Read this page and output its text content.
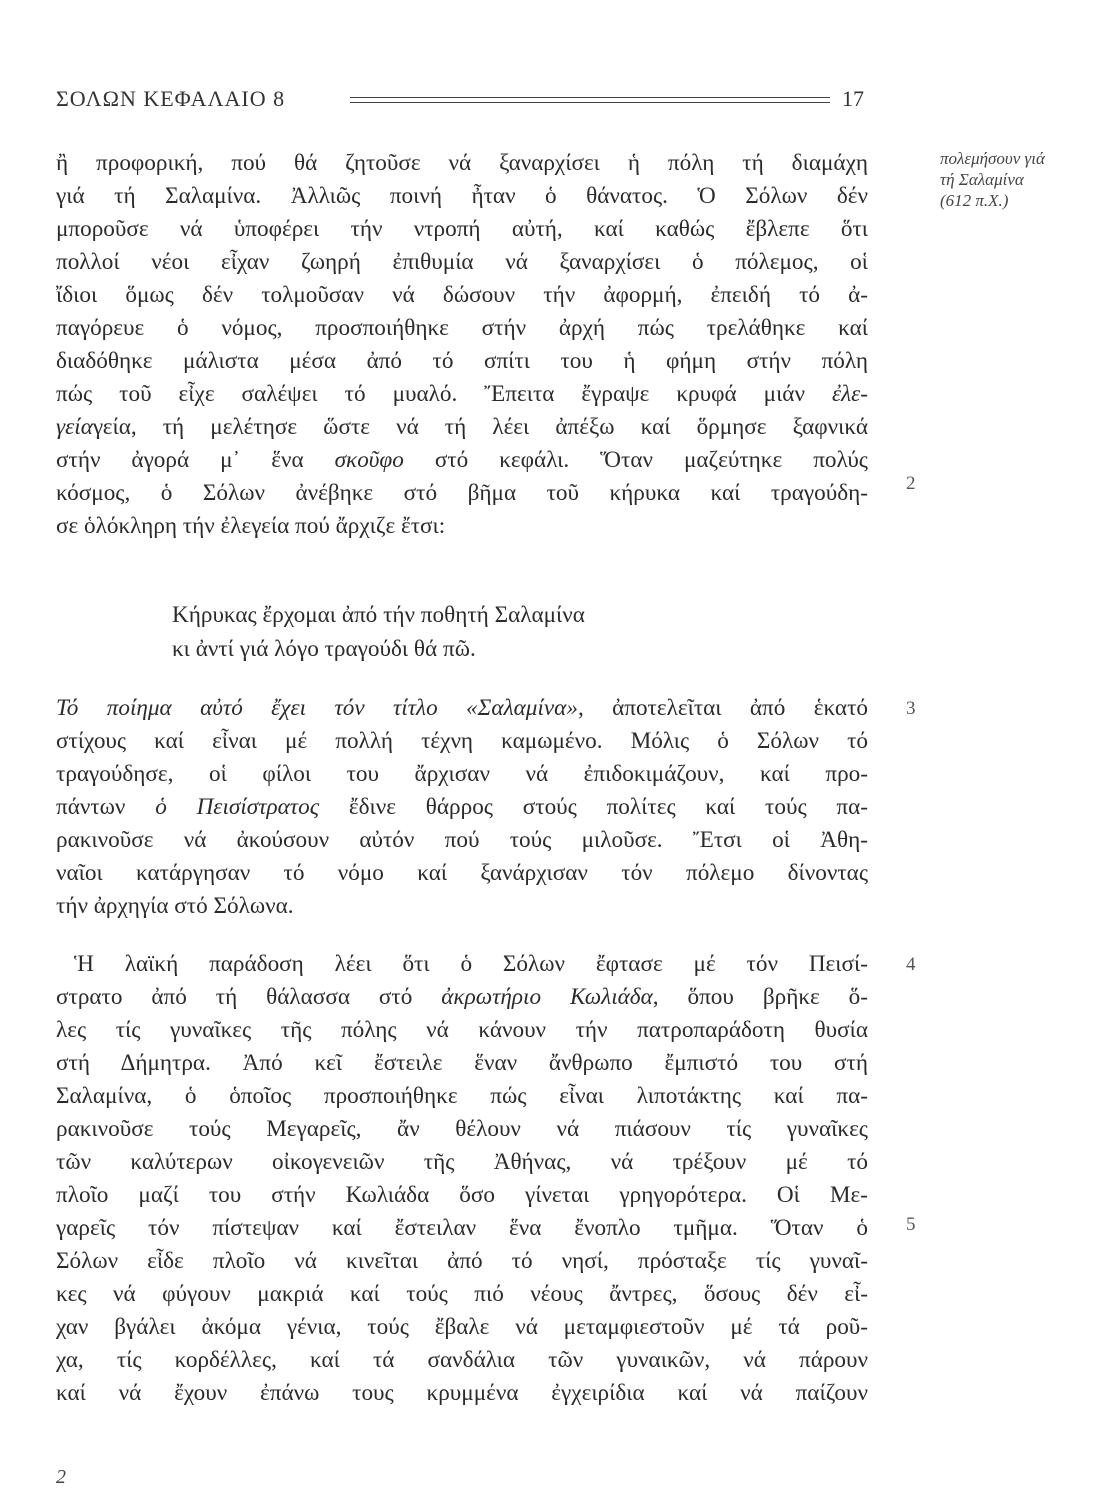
ΣΟΛΩΝ ΚΕΦΑΛΑΙΟ 8	17
πολεμήσουν γιά
τή Σαλαμίνα
(612 π.Χ.)
2
3
4
5
ἢ προφορική, πού θά ζητοῦσε νά ξαναρχίσει ἡ πόλη τή διαμάχη
γιά τή Σαλαμίνα. Ἀλλιῶς ποινή ἦταν ὁ θάνατος. Ὁ Σόλων δέν
μποροῦσε νά ὑποφέρει τήν ντροπή αὐτή, καί καθώς ἔβλεπε ὅτι
πολλοί νέοι εἶχαν ζωηρή ἐπιθυμία νά ξαναρχίσει ὁ πόλεμος, οἱ
ἴδιοι ὅμως δέν τολμοῦσαν νά δώσουν τήν ἀφορμή, ἐπειδή τό ἀ-
παγόρευε ὁ νόμος, προσποιήθηκε στήν ἀρχή πώς τρελάθηκε καί
διαδόθηκε μάλιστα μέσα ἀπό τό σπίτι του ἡ φήμη στήν πόλη
πώς τοῦ εἶχε σαλέψει τό μυαλό. Ἔπειτα ἔγραψε κρυφά μιάν ἐλε-
γείαγεία, τή μελέτησε ὥστε νά τή λέει ἀπέξω καί ὅρμησε ξαφνικά
στήν ἀγορά μ᾽ ἕνα σκοῦφο στό κεφάλι. Ὅταν μαζεύτηκε πολύς
κόσμος, ὁ Σόλων ἀνέβηκε στό βῆμα τοῦ κήρυκα καί τραγούδη-
σε ὁλόκληρη τήν ἐλεγεία πού ἄρχιζε ἔτσι:
Κήρυκας ἔρχομαι ἀπό τήν ποθητή Σαλαμίνα
κι ἀντί γιά λόγο τραγούδι θά πῶ.
Τό ποίημα αὐτό ἔχει τόν τίτλο «Σαλαμίνα», ἀποτελεῖται ἀπό ἑκατό
στίχους καί εἶναι μέ πολλή τέχνη καμωμένο. Μόλις ὁ Σόλων τό
τραγούδησε, οἱ φίλοι του ἄρχισαν νά ἐπιδοκιμάζουν, καί προ-
πάντων ὁ Πεισίστρατος ἔδινε θάρρος στούς πολίτες καί τούς πα-
ρακινοῦσε νά ἀκούσουν αὐτόν πού τούς μιλοῦσε. Ἔτσι οἱ Ἀθη-
ναῖοι κατάργησαν τό νόμο καί ξανάρχισαν τόν πόλεμο δίνοντας
τήν ἀρχηγία στό Σόλωνα.
Ἡ λαϊκή παράδοση λέει ὅτι ὁ Σόλων ἔφτασε μέ τόν Πεισί-
στρατο ἀπό τή θάλασσα στό ἀκρωτήριο Κωλιάδα, ὅπου βρῆκε ὅ-
λες τίς γυναῖκες τῆς πόλης νά κάνουν τήν πατροπαράδοτη θυσία
στή Δήμητρα. Ἀπό κεῖ ἔστειλε ἕναν ἄνθρωπο ἔμπιστό του στή
Σαλαμίνα, ὁ ὁποῖος προσποιήθηκε πώς εἶναι λιποτάκτης καί πα-
ρακινοῦσε τούς Μεγαρεῖς, ἄν θέλουν νά πιάσουν τίς γυναῖκες
τῶν καλύτερων οἰκογενειῶν τῆς Ἀθήνας, νά τρέξουν μέ τό
πλοῖο μαζί του στήν Κωλιάδα ὅσο γίνεται γρηγορότερα. Οἱ Με-
γαρεῖς τόν πίστεψαν καί ἔστειλαν ἕνα ἔνοπλο τμῆμα. Ὅταν ὁ
Σόλων εἶδε πλοῖο νά κινεῖται ἀπό τό νησί, πρόσταξε τίς γυναῖ-
κες νά φύγουν μακριά καί τούς πιό νέους ἄντρες, ὅσους δέν εἶ-
χαν βγάλει ἀκόμα γένια, τούς ἔβαλε νά μεταμφιεστοῦν μέ τά ροῦ-
χα, τίς κορδέλλες, καί τά σανδάλια τῶν γυναικῶν, νά πάρουν
καί νά ἔχουν ἐπάνω τους κρυμμένα ἐγχειρίδια καί νά παίζουν
2
